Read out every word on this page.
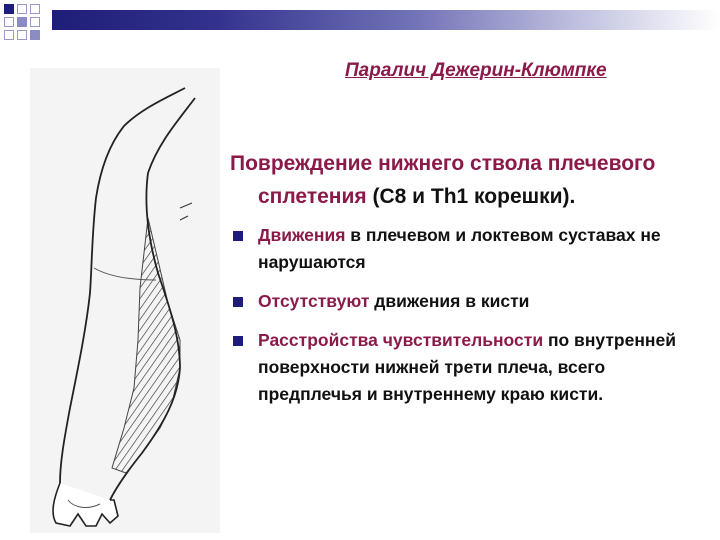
Паралич Дежерин-Клюмпке

Повреждение нижнего ствола плечевого сплетения (C8 и Th1 корешки).

Движения в плечевом и локтевом суставах не нарушаются
Отсутствуют движения в кисти
Расстройства чувствительности по внутренней поверхности нижней трети плеча, всего предплечья и внутреннему краю кисти.
